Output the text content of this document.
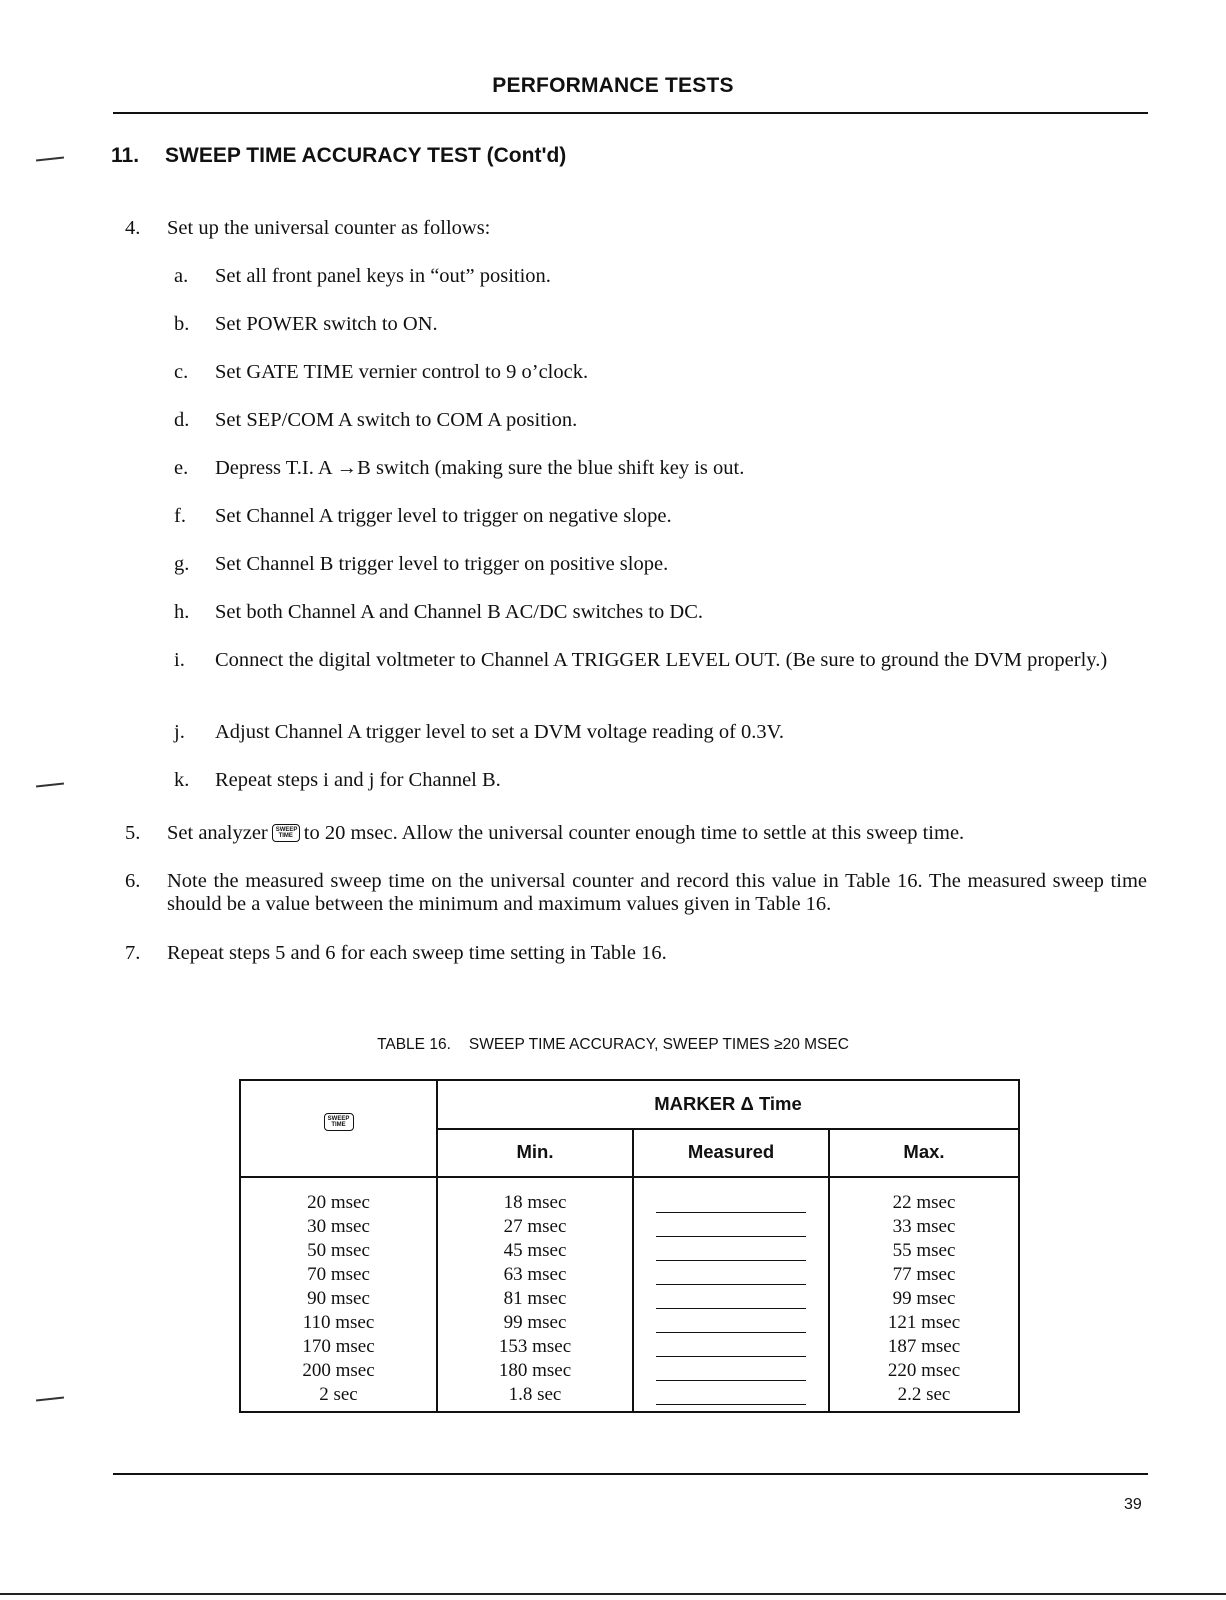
PERFORMANCE TESTS
11. SWEEP TIME ACCURACY TEST (Cont'd)
4. Set up the universal counter as follows:
a. Set all front panel keys in “out” position.
b. Set POWER switch to ON.
c. Set GATE TIME vernier control to 9 o’clock.
d. Set SEP/COM A switch to COM A position.
e. Depress T.I. A →B switch (making sure the blue shift key is out.
f. Set Channel A trigger level to trigger on negative slope.
g. Set Channel B trigger level to trigger on positive slope.
h. Set both Channel A and Channel B AC/DC switches to DC.
i. Connect the digital voltmeter to Channel A TRIGGER LEVEL OUT. (Be sure to ground the DVM properly.)
j. Adjust Channel A trigger level to set a DVM voltage reading of 0.3V.
k. Repeat steps i and j for Channel B.
5. Set analyzer SWEEP TIME to 20 msec. Allow the universal counter enough time to settle at this sweep time.
6. Note the measured sweep time on the universal counter and record this value in Table 16. The measured sweep time should be a value between the minimum and maximum values given in Table 16.
7. Repeat steps 5 and 6 for each sweep time setting in Table 16.
TABLE 16. SWEEP TIME ACCURACY, SWEEP TIMES ≥20 MSEC
SWEEP TIME
MARKER Δ Time
Min.	Measured	Max.
20 msec
30 msec
50 msec
70 msec
90 msec
110 msec
170 msec
200 msec
2 sec
18 msec
27 msec
45 msec
63 msec
81 msec
99 msec
153 msec
180 msec
1.8 sec
22 msec
33 msec
55 msec
77 msec
99 msec
121 msec
187 msec
220 msec
2.2 sec
39
